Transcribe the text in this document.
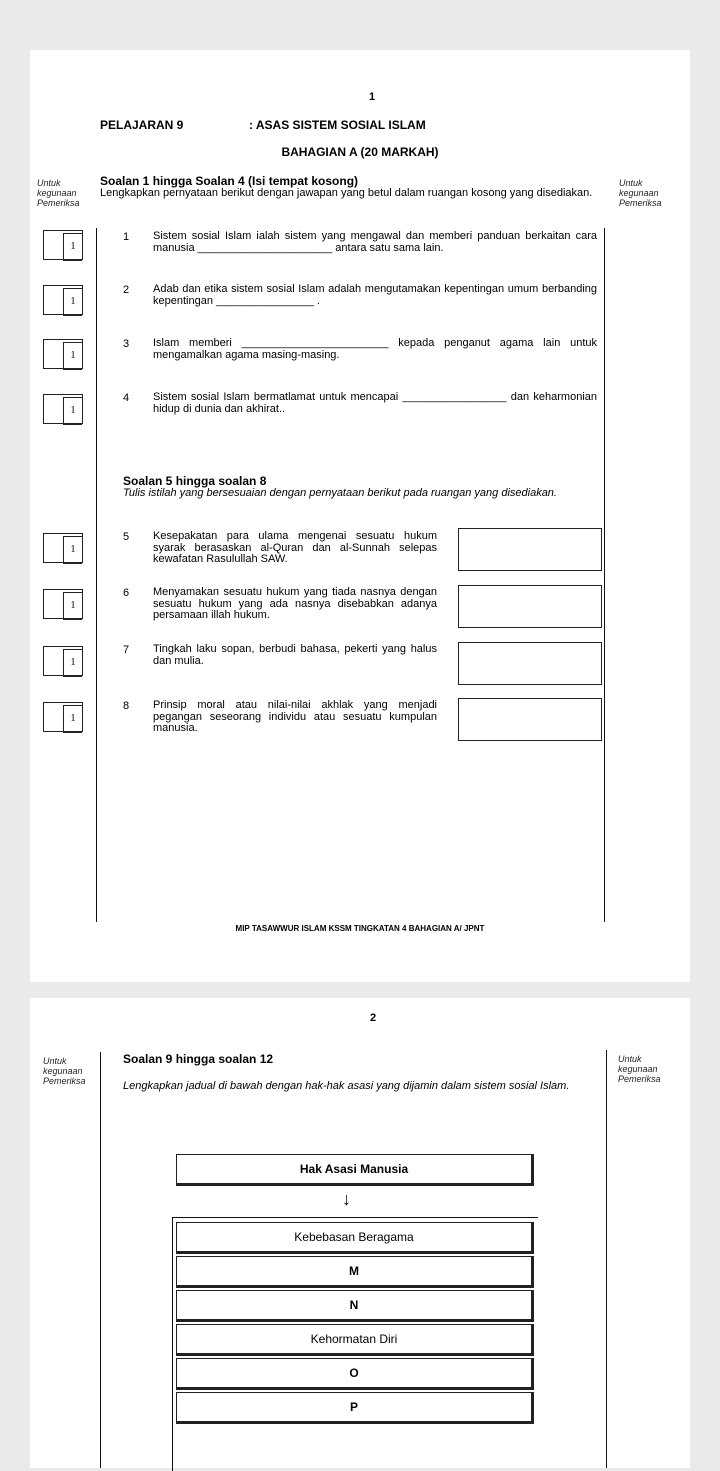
1
PELAJARAN 9	: ASAS SISTEM SOSIAL ISLAM
BAHAGIAN A (20 MARKAH)
Untuk
kegunaan
Pemeriksa
Untuk
kegunaan
Pemeriksa
Soalan 1 hingga Soalan 4 (Isi tempat kosong)
Lengkapkan pernyataan berikut dengan jawapan yang betul dalam ruangan kosong yang disediakan.
1
1 Sistem sosial Islam ialah sistem yang mengawal dan memberi panduan berkaitan cara manusia ______________________ antara satu sama lain.
1
2 Adab dan etika sistem sosial Islam adalah mengutamakan kepentingan umum berbanding kepentingan ________________ .
1
3 Islam memberi ________________________ kepada penganut agama lain untuk mengamalkan agama masing-masing.
1
4 Sistem sosial Islam bermatlamat untuk mencapai _________________ dan keharmonian hidup di dunia dan akhirat..
Soalan 5 hingga soalan 8
Tulis istilah yang bersesuaian dengan pernyataan berikut pada ruangan yang disediakan.
1
5 Kesepakatan para ulama mengenai sesuatu hukum syarak berasaskan al-Quran dan al-Sunnah selepas kewafatan Rasulullah SAW.
1
6 Menyamakan sesuatu hukum yang tiada nasnya dengan sesuatu hukum yang ada nasnya disebabkan adanya persamaan illah hukum.
1
7 Tingkah laku sopan, berbudi bahasa, pekerti yang halus dan mulia.
1
8 Prinsip moral atau nilai-nilai akhlak yang menjadi pegangan seseorang individu atau sesuatu kumpulan manusia.
MIP TASAWWUR ISLAM KSSM TINGKATAN 4 BAHAGIAN A/ JPNT
2
Untuk
kegunaan
Pemeriksa
Untuk
kegunaan
Pemeriksa
Soalan 9 hingga soalan 12
Lengkapkan jadual di bawah dengan hak-hak asasi yang dijamin dalam sistem sosial Islam.
Hak Asasi Manusia
↓
Kebebasan Beragama
M
N
Kehormatan Diri
O
P
